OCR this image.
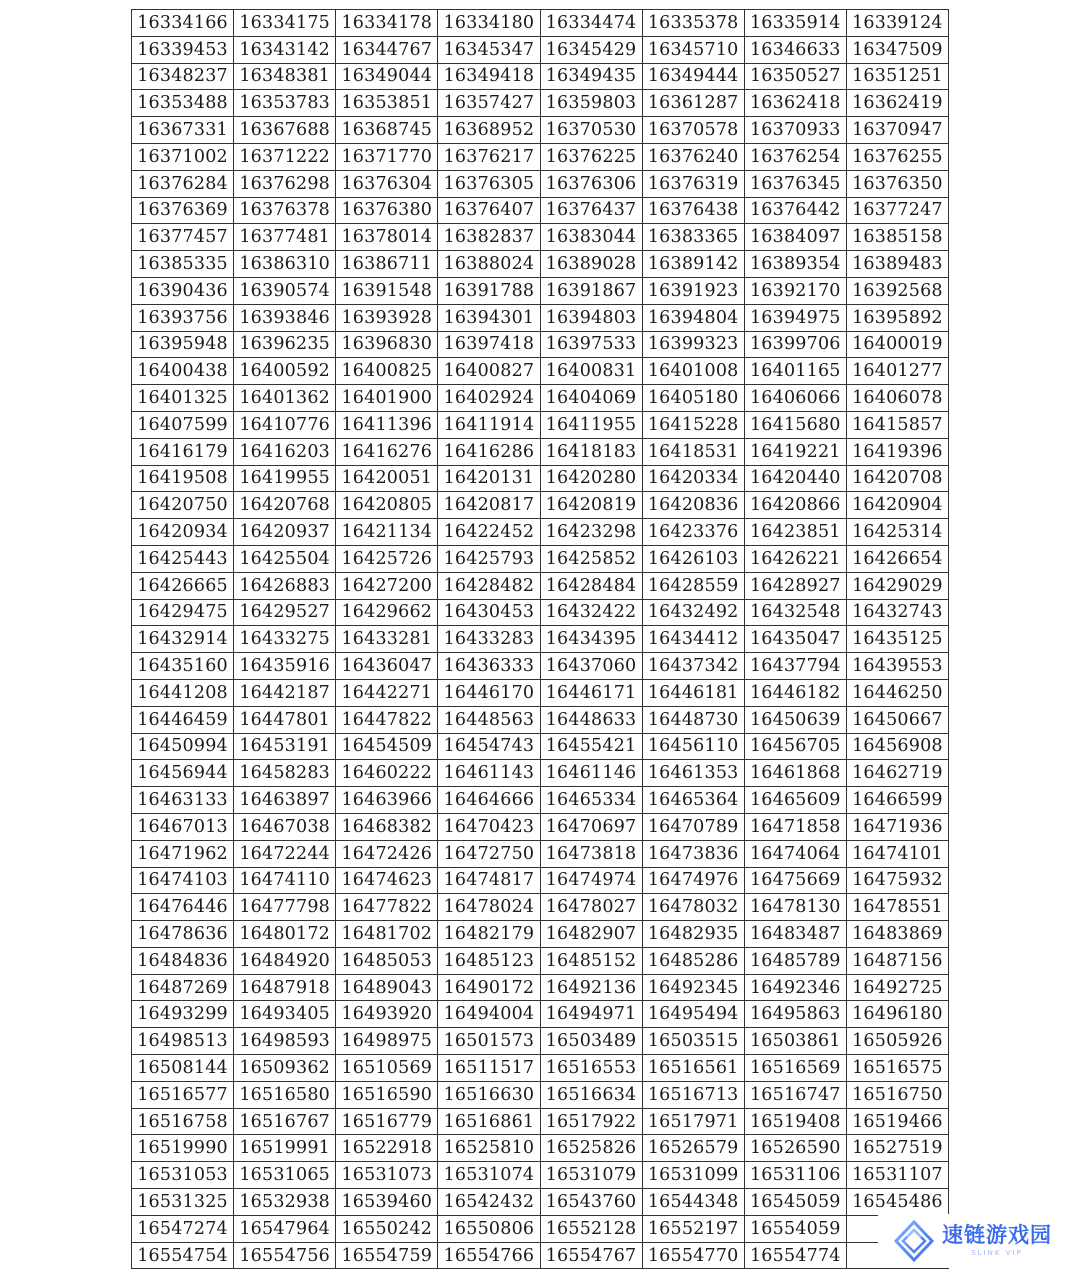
16334166	16334175	16334178	16334180	16334474	16335378	16335914	16339124
16339453	16343142	16344767	16345347	16345429	16345710	16346633	16347509
16348237	16348381	16349044	16349418	16349435	16349444	16350527	16351251
16353488	16353783	16353851	16357427	16359803	16361287	16362418	16362419
16367331	16367688	16368745	16368952	16370530	16370578	16370933	16370947
16371002	16371222	16371770	16376217	16376225	16376240	16376254	16376255
16376284	16376298	16376304	16376305	16376306	16376319	16376345	16376350
16376369	16376378	16376380	16376407	16376437	16376438	16376442	16377247
16377457	16377481	16378014	16382837	16383044	16383365	16384097	16385158
16385335	16386310	16386711	16388024	16389028	16389142	16389354	16389483
16390436	16390574	16391548	16391788	16391867	16391923	16392170	16392568
16393756	16393846	16393928	16394301	16394803	16394804	16394975	16395892
16395948	16396235	16396830	16397418	16397533	16399323	16399706	16400019
16400438	16400592	16400825	16400827	16400831	16401008	16401165	16401277
16401325	16401362	16401900	16402924	16404069	16405180	16406066	16406078
16407599	16410776	16411396	16411914	16411955	16415228	16415680	16415857
16416179	16416203	16416276	16416286	16418183	16418531	16419221	16419396
16419508	16419955	16420051	16420131	16420280	16420334	16420440	16420708
16420750	16420768	16420805	16420817	16420819	16420836	16420866	16420904
16420934	16420937	16421134	16422452	16423298	16423376	16423851	16425314
16425443	16425504	16425726	16425793	16425852	16426103	16426221	16426654
16426665	16426883	16427200	16428482	16428484	16428559	16428927	16429029
16429475	16429527	16429662	16430453	16432422	16432492	16432548	16432743
16432914	16433275	16433281	16433283	16434395	16434412	16435047	16435125
16435160	16435916	16436047	16436333	16437060	16437342	16437794	16439553
16441208	16442187	16442271	16446170	16446171	16446181	16446182	16446250
16446459	16447801	16447822	16448563	16448633	16448730	16450639	16450667
16450994	16453191	16454509	16454743	16455421	16456110	16456705	16456908
16456944	16458283	16460222	16461143	16461146	16461353	16461868	16462719
16463133	16463897	16463966	16464666	16465334	16465364	16465609	16466599
16467013	16467038	16468382	16470423	16470697	16470789	16471858	16471936
16471962	16472244	16472426	16472750	16473818	16473836	16474064	16474101
16474103	16474110	16474623	16474817	16474974	16474976	16475669	16475932
16476446	16477798	16477822	16478024	16478027	16478032	16478130	16478551
16478636	16480172	16481702	16482179	16482907	16482935	16483487	16483869
16484836	16484920	16485053	16485123	16485152	16485286	16485789	16487156
16487269	16487918	16489043	16490172	16492136	16492345	16492346	16492725
16493299	16493405	16493920	16494004	16494971	16495494	16495863	16496180
16498513	16498593	16498975	16501573	16503489	16503515	16503861	16505926
16508144	16509362	16510569	16511517	16516553	16516561	16516569	16516575
16516577	16516580	16516590	16516630	16516634	16516713	16516747	16516750
16516758	16516767	16516779	16516861	16517922	16517971	16519408	16519466
16519990	16519991	16522918	16525810	16525826	16526579	16526590	16527519
16531053	16531065	16531073	16531074	16531079	16531099	16531106	16531107
16531325	16532938	16539460	16542432	16543760	16544348	16545059	16545486
16547274	16547964	16550242	16550806	16552128	16552197	16554059	
16554754	16554756	16554759	16554766	16554767	16554770	16554774	
速链游戏园
SLINK VIP
